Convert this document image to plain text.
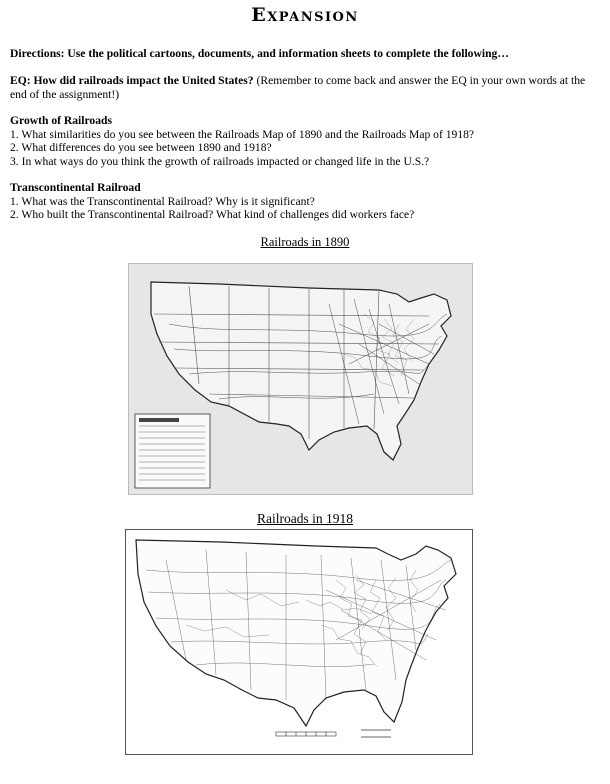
Expansion
Directions: Use the political cartoons, documents, and information sheets to complete the following…
EQ: How did railroads impact the United States? (Remember to come back and answer the EQ in your own words at the end of the assignment!)
Growth of Railroads
1. What similarities do you see between the Railroads Map of 1890 and the Railroads Map of 1918?
2. What differences do you see between 1890 and 1918?
3. In what ways do you think the growth of railroads impacted or changed life in the U.S.?
Transcontinental Railroad
1. What was the Transcontinental Railroad? Why is it significant?
2. Who built the Transcontinental Railroad? What kind of challenges did workers face?
Railroads in 1890
Railroads in 1918
